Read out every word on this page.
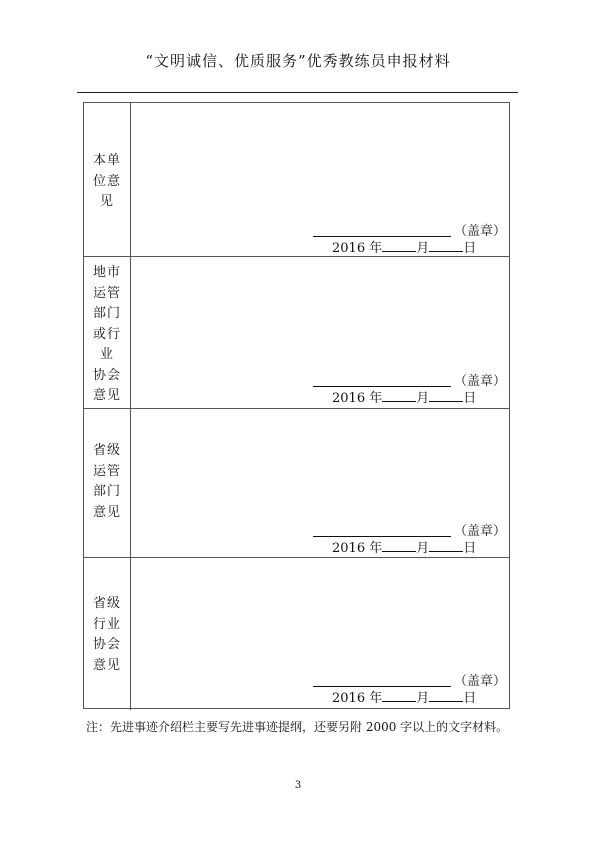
“文明诚信、优质服务”优秀教练员申报材料
本单
位意
见
（盖章）
2016 年	月	日
地市
运管
部门
或行
业
协会
意见
（盖章）
2016 年	月	日
省级
运管
部门
意见
（盖章）
2016 年	月	日
省级
行业
协会
意见
（盖章）
2016 年	月	日
注：先进事迹介绍栏主要写先进事迹提纲，还要另附 2000 字以上的文字材料。
3
